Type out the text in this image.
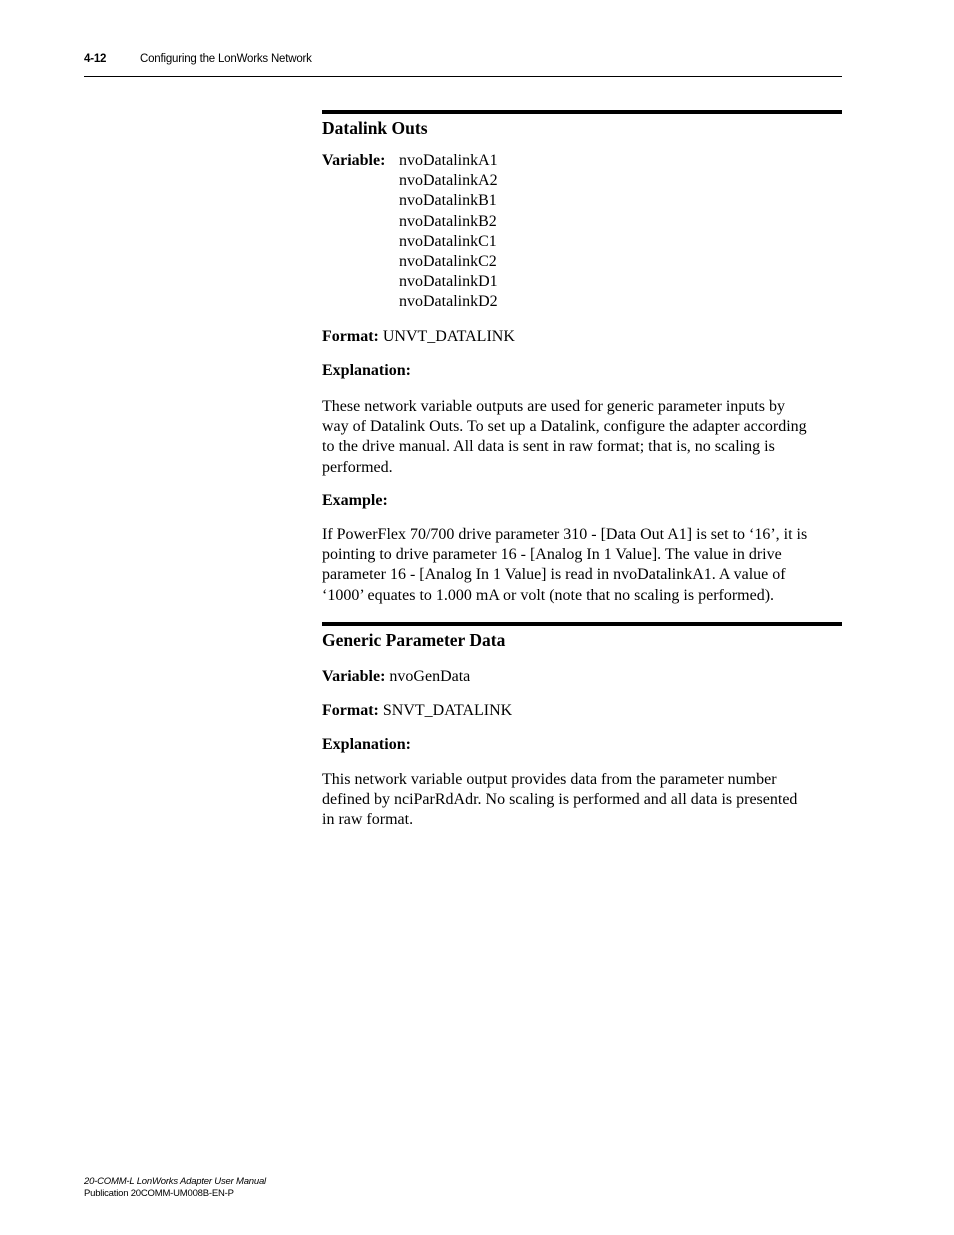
4-12	Configuring the LonWorks Network
Datalink Outs
Variable: nvoDatalinkA1
nvoDatalinkA2
nvoDatalinkB1
nvoDatalinkB2
nvoDatalinkC1
nvoDatalinkC2
nvoDatalinkD1
nvoDatalinkD2
Format: UNVT_DATALINK
Explanation:
These network variable outputs are used for generic parameter inputs by
way of Datalink Outs. To set up a Datalink, configure the adapter according
to the drive manual. All data is sent in raw format; that is, no scaling is
performed.
Example:
If PowerFlex 70/700 drive parameter 310 - [Data Out A1] is set to ‘16’, it is
pointing to drive parameter 16 - [Analog In 1 Value]. The value in drive
parameter 16 - [Analog In 1 Value] is read in nvoDatalinkA1. A value of
‘1000’ equates to 1.000 mA or volt (note that no scaling is performed).
Generic Parameter Data
Variable: nvoGenData
Format: SNVT_DATALINK
Explanation:
This network variable output provides data from the parameter number
defined by nciParRdAdr. No scaling is performed and all data is presented
in raw format.
20-COMM-L LonWorks Adapter User Manual
Publication 20COMM-UM008B-EN-P
